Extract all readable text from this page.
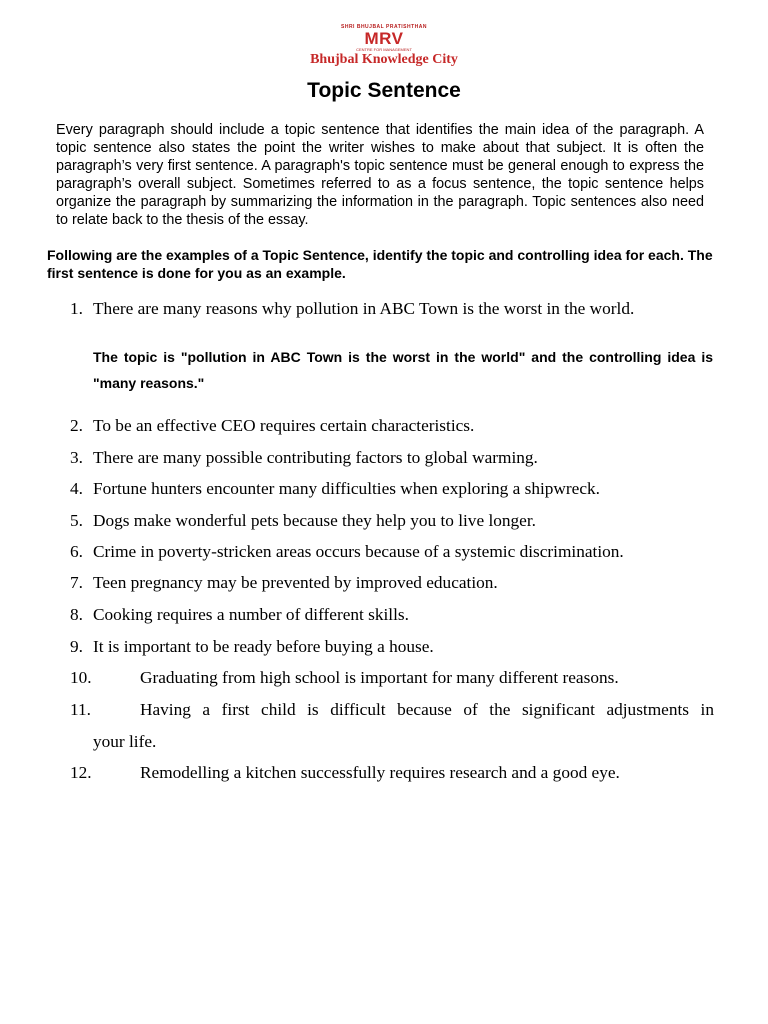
SHRI BHUJBAL PRATISHTHAN
MRV
CENTRE FOR MANAGEMENT
Bhujbal Knowledge City
Topic Sentence

Every paragraph should include a topic sentence that identifies the main idea of the paragraph. A topic sentence also states the point the writer wishes to make about that subject. It is often the paragraph’s very first sentence. A paragraph's topic sentence must be general enough to express the paragraph’s overall subject. Sometimes referred to as a focus sentence, the topic sentence helps organize the paragraph by summarizing the information in the paragraph. Topic sentences also need to relate back to the thesis of the essay.

Following are the examples of a Topic Sentence, identify the topic and controlling idea for each. The first sentence is done for you as an example.

1. There are many reasons why pollution in ABC Town is the worst in the world.

The topic is "pollution in ABC Town is the worst in the world" and the controlling idea is "many reasons."

2. To be an effective CEO requires certain characteristics.
3. There are many possible contributing factors to global warming.
4. Fortune hunters encounter many difficulties when exploring a shipwreck.
5. Dogs make wonderful pets because they help you to live longer.
6. Crime in poverty-stricken areas occurs because of a systemic discrimination.
7. Teen pregnancy may be prevented by improved education.
8. Cooking requires a number of different skills.
9. It is important to be ready before buying a house.
10.	Graduating from high school is important for many different reasons.
11.	Having a first child is difficult because of the significant adjustments in
your life.
12.	Remodelling a kitchen successfully requires research and a good eye.
